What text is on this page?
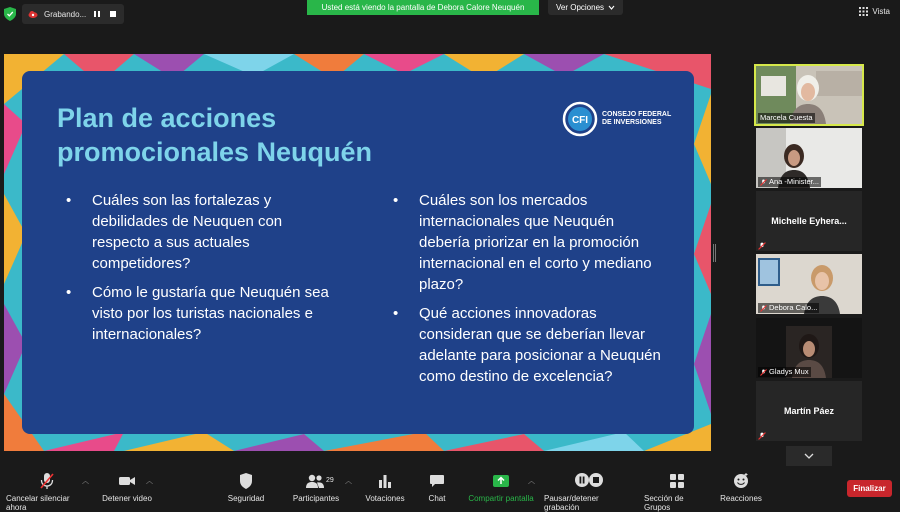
Grabando...
Usted está viendo la pantalla de Debora Calore Neuquén	Ver Opciones	Vista
Plan de acciones
promocionales Neuquén
CFI
CONSEJO FEDERAL
DE INVERSIONES
• Cuáles son las fortalezas y debilidades de Neuquen con respecto a sus actuales competidores?
• Cómo le gustaría que Neuquén sea visto por los turistas nacionales e internacionales?
• Cuáles son los mercados internacionales que Neuquén debería priorizar en la promoción internacional en el corto y mediano plazo?
• Qué acciones innovadoras consideran que se deberían llevar adelante para posicionar a Neuquén como destino de excelencia?
Marcela Cuesta
Ana -Minister...
Michelle Eyhera...
Debora Calo...
Gladys Mux
Martín Páez
Cancelar silenciar ahora
︿
Detener video
︿
Seguridad	Participantes
29 ︿
Votaciones	Chat	Compartir pantalla
︿
Pausar/detener grabación
Sección de Grupos
Reacciones
Finalizar
